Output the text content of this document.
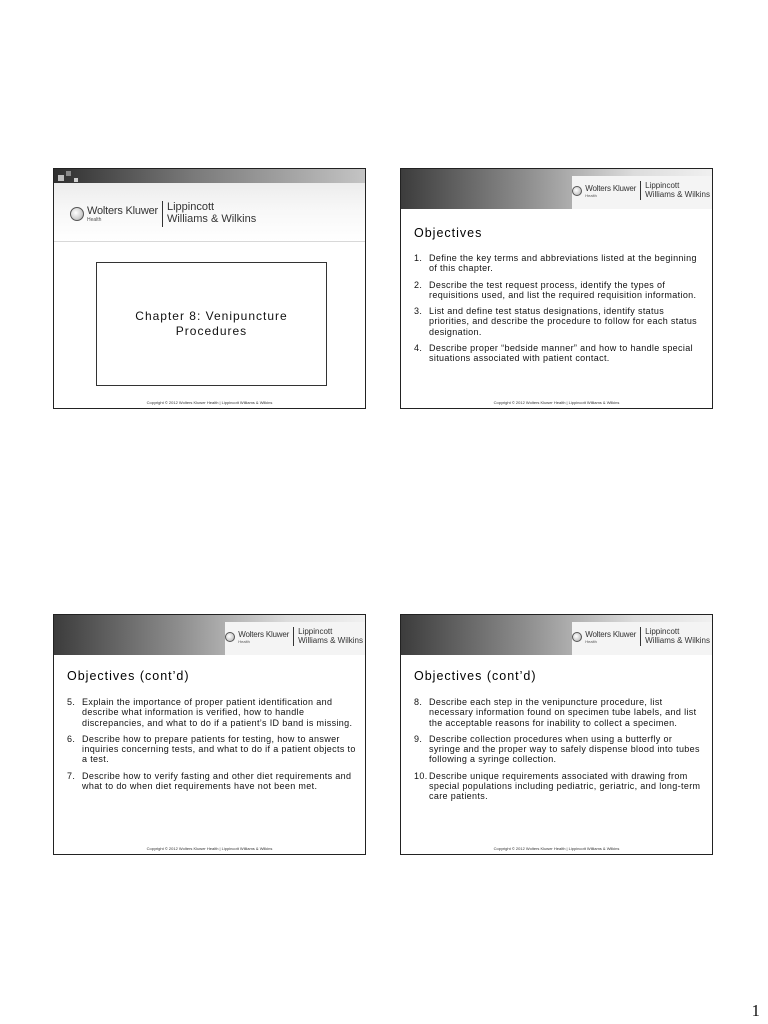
Wolters Kluwer
Health
Lippincott
Williams & Wilkins
Chapter 8: Venipuncture
Procedures
Copyright © 2012 Wolters Kluwer Health | Lippincott Williams & Wilkins
Wolters Kluwer
Health
Lippincott
Williams & Wilkins
Objectives
1. Define the key terms and abbreviations listed at the beginning of this chapter.
2. Describe the test request process, identify the types of requisitions used, and list the required requisition information.
3. List and define test status designations, identify status priorities, and describe the procedure to follow for each status designation.
4. Describe proper “bedside manner” and how to handle special situations associated with patient contact.
Copyright © 2012 Wolters Kluwer Health | Lippincott Williams & Wilkins
Wolters Kluwer
Health
Lippincott
Williams & Wilkins
Objectives (cont’d)
5. Explain the importance of proper patient identification and describe what information is verified, how to handle discrepancies, and what to do if a patient’s ID band is missing.
6. Describe how to prepare patients for testing, how to answer inquiries concerning tests, and what to do if a patient objects to a test.
7. Describe how to verify fasting and other diet requirements and what to do when diet requirements have not been met.
Copyright © 2012 Wolters Kluwer Health | Lippincott Williams & Wilkins
Wolters Kluwer
Health
Lippincott
Williams & Wilkins
Objectives (cont’d)
8. Describe each step in the venipuncture procedure, list necessary information found on specimen tube labels, and list the acceptable reasons for inability to collect a specimen.
9. Describe collection procedures when using a butterfly or syringe and the proper way to safely dispense blood into tubes following a syringe collection.
10. Describe unique requirements associated with drawing from special populations including pediatric, geriatric, and long-term care patients.
Copyright © 2012 Wolters Kluwer Health | Lippincott Williams & Wilkins
1
